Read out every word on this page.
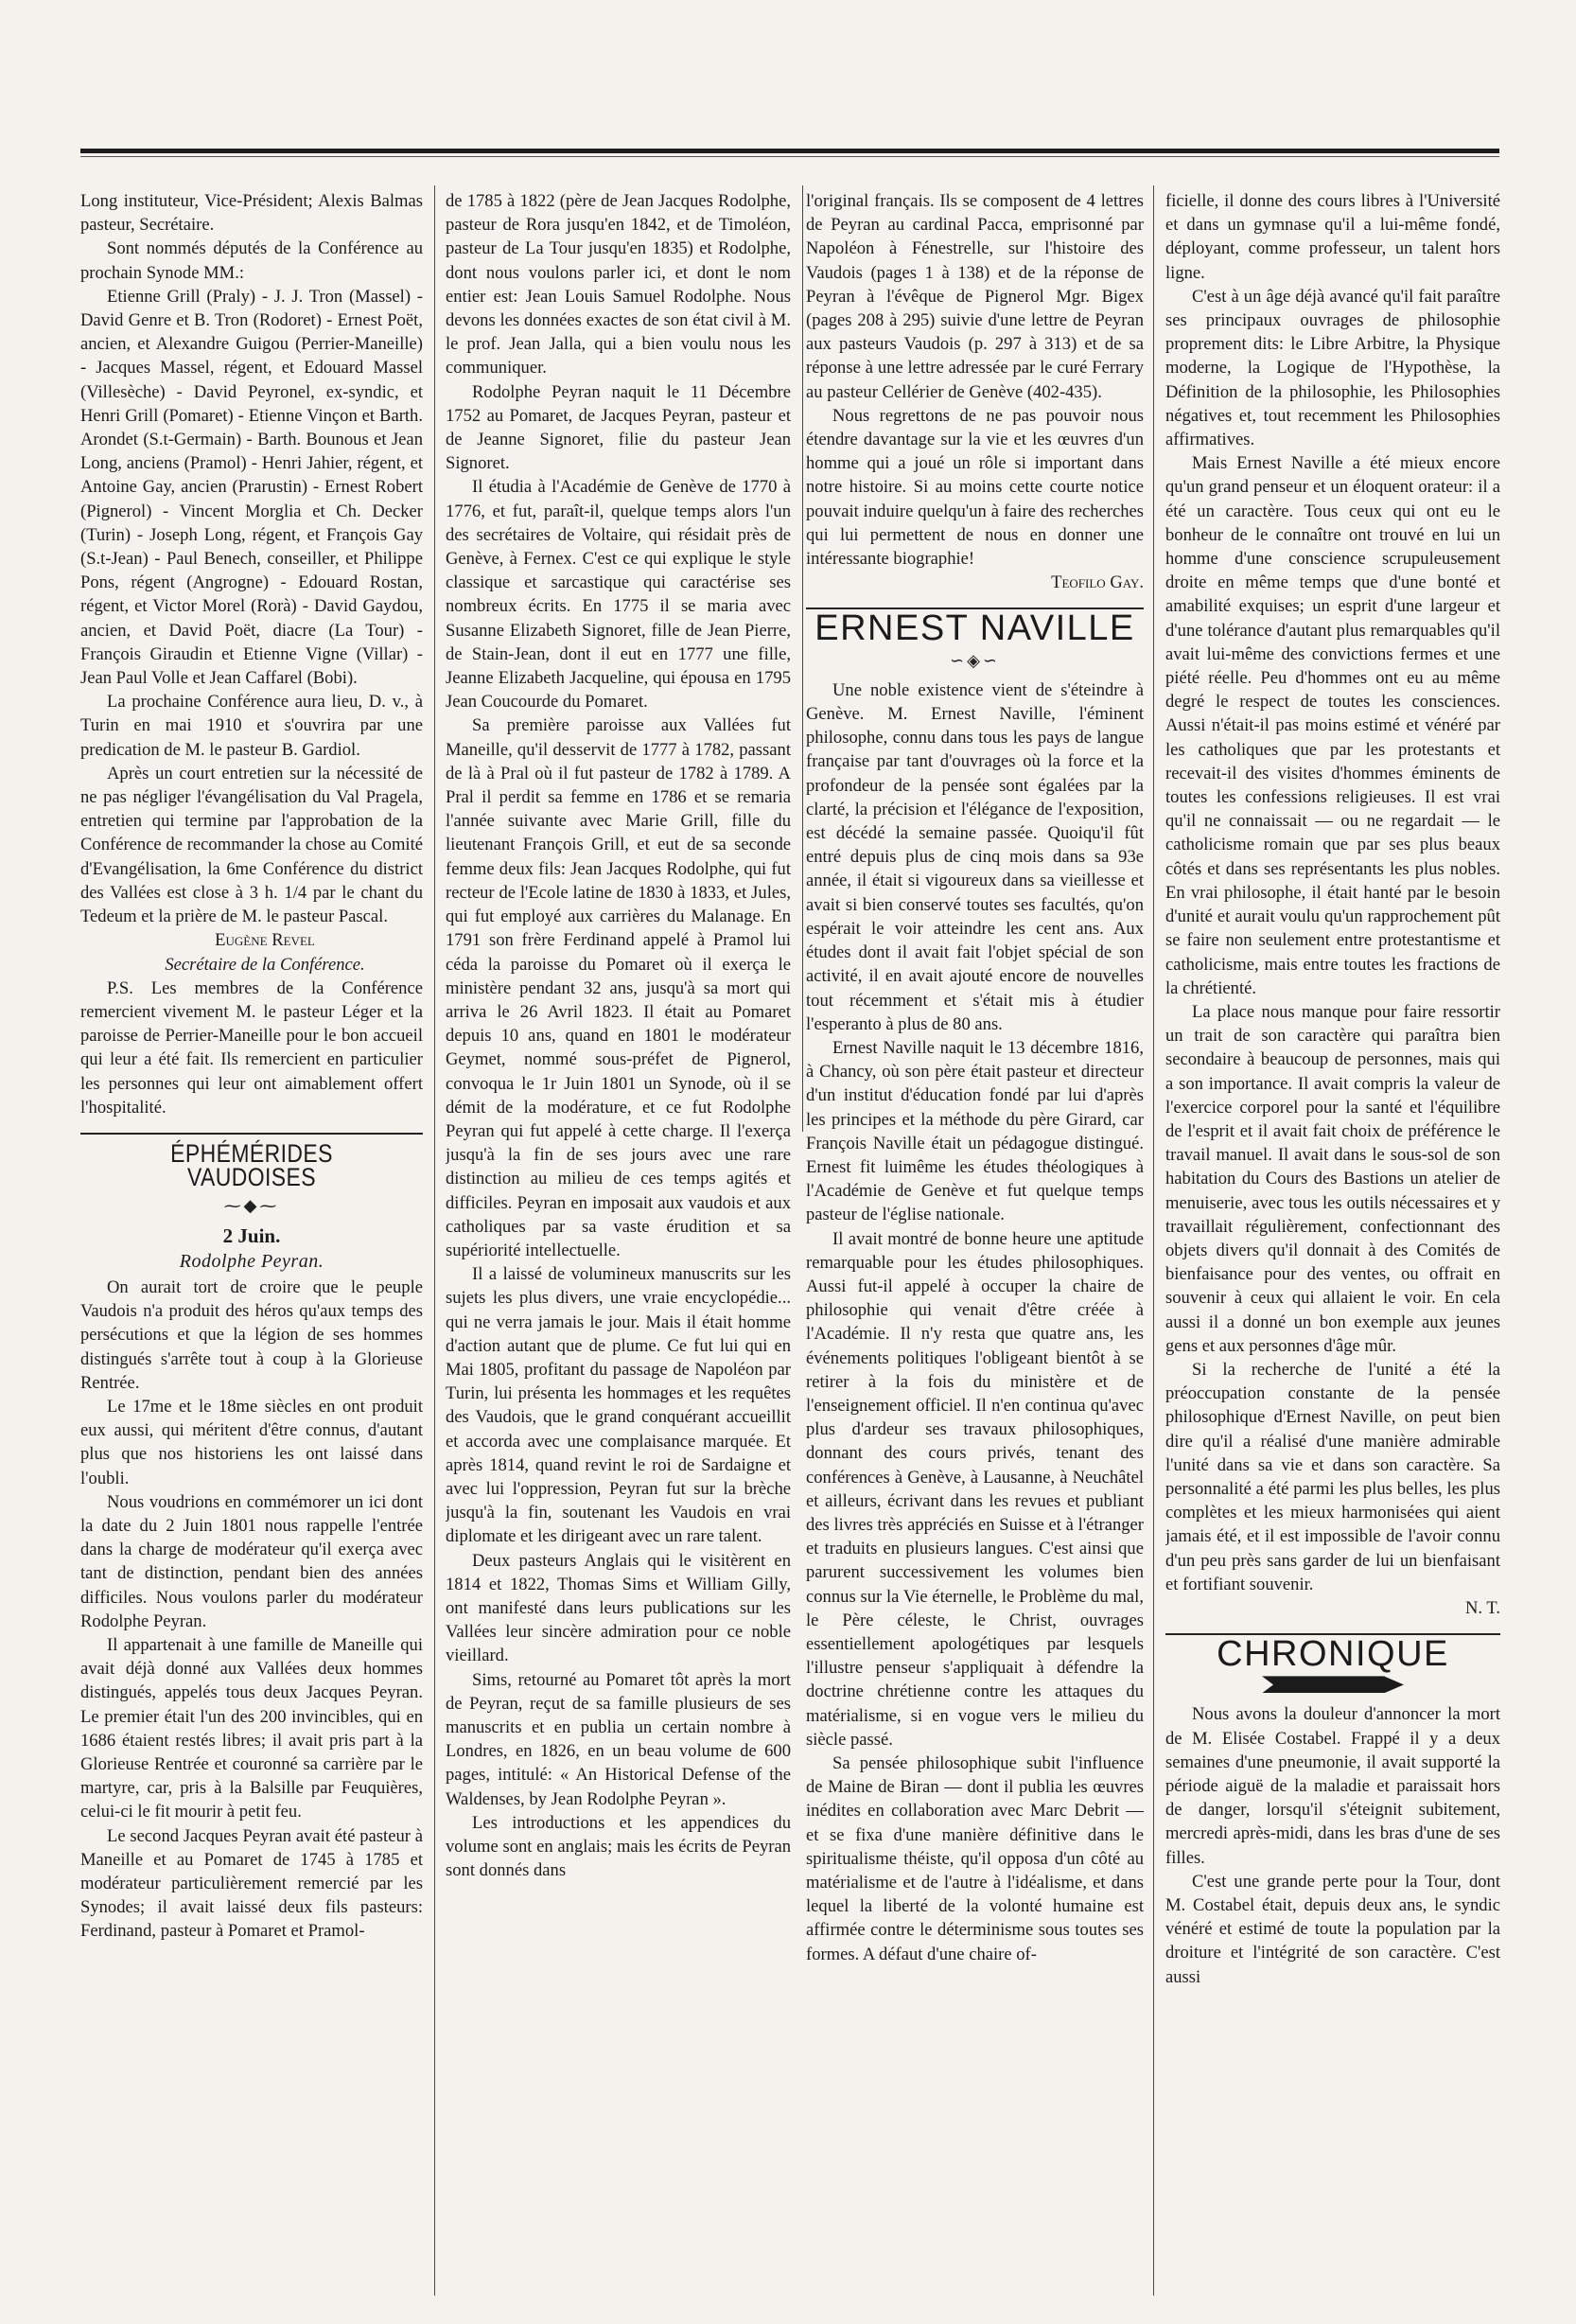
Long instituteur, Vice-Président; Alexis Balmas pasteur, Secrétaire.

Sont nommés députés de la Conférence au prochain Synode MM.:

Etienne Grill (Praly) - J. J. Tron (Massel) - David Genre et B. Tron (Rodoret) - Ernest Poët, ancien, et Alexandre Guigou (Perrier-Maneille) - Jacques Massel, régent, et Edouard Massel (Villesèche) - David Peyronel, ex-syndic, et Henri Grill (Pomaret) - Etienne Vinçon et Barth. Arondet (S.t-Germain) - Barth. Bounous et Jean Long, anciens (Pramol) - Henri Jahier, régent, et Antoine Gay, ancien (Prarustin) - Ernest Robert (Pignerol) - Vincent Morglia et Ch. Decker (Turin) - Joseph Long, régent, et François Gay (S.t-Jean) - Paul Benech, conseiller, et Philippe Pons, régent (Angrogne) - Edouard Rostan, régent, et Victor Morel (Rorà) - David Gaydou, ancien, et David Poët, diacre (La Tour) - François Giraudin et Etienne Vigne (Villar) - Jean Paul Volle et Jean Caffarel (Bobi).

La prochaine Conférence aura lieu, D. v., à Turin en mai 1910 et s'ouvrira par une predication de M. le pasteur B. Gardiol.

Après un court entretien sur la nécessité de ne pas négliger l'évangélisation du Val Pragela, entretien qui termine par l'approbation de la Conférence de recommander la chose au Comité d'Evangélisation, la 6me Conférence du district des Vallées est close à 3 h. 1/4 par le chant du Tedeum et la prière de M. le pasteur Pascal.

Eugène Revel

Secrétaire de la Conférence.

P.S. Les membres de la Conférence remercient vivement M. le pasteur Léger et la paroisse de Perrier-Maneille pour le bon accueil qui leur a été fait. Ils remercient en particulier les personnes qui leur ont aimablement offert l'hospitalité.

ÉPHÉMÉRIDES VAUDOISES
⁓◆⁓
2 Juin.
Rodolphe Peyran.

On aurait tort de croire que le peuple Vaudois n'a produit des héros qu'aux temps des persécutions et que la légion de ses hommes distingués s'arrête tout à coup à la Glorieuse Rentrée.

Le 17me et le 18me siècles en ont produit eux aussi, qui méritent d'être connus, d'autant plus que nos historiens les ont laissé dans l'oubli.

Nous voudrions en commémorer un ici dont la date du 2 Juin 1801 nous rappelle l'entrée dans la charge de modérateur qu'il exerça avec tant de distinction, pendant bien des années difficiles. Nous voulons parler du modérateur Rodolphe Peyran.

Il appartenait à une famille de Maneille qui avait déjà donné aux Vallées deux hommes distingués, appelés tous deux Jacques Peyran. Le premier était l'un des 200 invincibles, qui en 1686 étaient restés libres; il avait pris part à la Glorieuse Rentrée et couronné sa carrière par le martyre, car, pris à la Balsille par Feuquières, celui-ci le fit mourir à petit feu.

Le second Jacques Peyran avait été pasteur à Maneille et au Pomaret de 1745 à 1785 et modérateur particulièrement remercié par les Synodes; il avait laissé deux fils pasteurs: Ferdinand, pasteur à Pomaret et Pramol-

de 1785 à 1822 (père de Jean Jacques Rodolphe, pasteur de Rora jusqu'en 1842, et de Timoléon, pasteur de La Tour jusqu'en 1835) et Rodolphe, dont nous voulons parler ici, et dont le nom entier est: Jean Louis Samuel Rodolphe. Nous devons les données exactes de son état civil à M. le prof. Jean Jalla, qui a bien voulu nous les communiquer.

Rodolphe Peyran naquit le 11 Décembre 1752 au Pomaret, de Jacques Peyran, pasteur et de Jeanne Signoret, filie du pasteur Jean Signoret.

Il étudia à l'Académie de Genève de 1770 à 1776, et fut, paraît-il, quelque temps alors l'un des secrétaires de Voltaire, qui résidait près de Genève, à Fernex. C'est ce qui explique le style classique et sarcastique qui caractérise ses nombreux écrits. En 1775 il se maria avec Susanne Elizabeth Signoret, fille de Jean Pierre, de Stain-Jean, dont il eut en 1777 une fille, Jeanne Elizabeth Jacqueline, qui épousa en 1795 Jean Coucourde du Pomaret.

Sa première paroisse aux Vallées fut Maneille, qu'il desservit de 1777 à 1782, passant de là à Pral où il fut pasteur de 1782 à 1789. A Pral il perdit sa femme en 1786 et se remaria l'année suivante avec Marie Grill, fille du lieutenant François Grill, et eut de sa seconde femme deux fils: Jean Jacques Rodolphe, qui fut recteur de l'Ecole latine de 1830 à 1833, et Jules, qui fut employé aux carrières du Malanage. En 1791 son frère Ferdinand appelé à Pramol lui céda la paroisse du Pomaret où il exerça le ministère pendant 32 ans, jusqu'à sa mort qui arriva le 26 Avril 1823. Il était au Pomaret depuis 10 ans, quand en 1801 le modérateur Geymet, nommé sous-préfet de Pignerol, convoqua le 1r Juin 1801 un Synode, où il se démit de la modérature, et ce fut Rodolphe Peyran qui fut appelé à cette charge. Il l'exerça jusqu'à la fin de ses jours avec une rare distinction au milieu de ces temps agités et difficiles. Peyran en imposait aux vaudois et aux catholiques par sa vaste érudition et sa supériorité intellectuelle.

Il a laissé de volumineux manuscrits sur les sujets les plus divers, une vraie encyclopédie... qui ne verra jamais le jour. Mais il était homme d'action autant que de plume. Ce fut lui qui en Mai 1805, profitant du passage de Napoléon par Turin, lui présenta les hommages et les requêtes des Vaudois, que le grand conquérant accueillit et accorda avec une complaisance marquée. Et après 1814, quand revint le roi de Sardaigne et avec lui l'oppression, Peyran fut sur la brèche jusqu'à la fin, soutenant les Vaudois en vrai diplomate et les dirigeant avec un rare talent.

Deux pasteurs Anglais qui le visitèrent en 1814 et 1822, Thomas Sims et William Gilly, ont manifesté dans leurs publications sur les Vallées leur sincère admiration pour ce noble vieillard.

Sims, retourné au Pomaret tôt après la mort de Peyran, reçut de sa famille plusieurs de ses manuscrits et en publia un certain nombre à Londres, en 1826, en un beau volume de 600 pages, intitulé: « An Historical Defense of the Waldenses, by Jean Rodolphe Peyran ».

Les introductions et les appendices du volume sont en anglais; mais les écrits de Peyran sont donnés dans

l'original français. Ils se composent de 4 lettres de Peyran au cardinal Pacca, emprisonné par Napoléon à Fénestrelle, sur l'histoire des Vaudois (pages 1 à 138) et de la réponse de Peyran à l'évêque de Pignerol Mgr. Bigex (pages 208 à 295) suivie d'une lettre de Peyran aux pasteurs Vaudois (p. 297 à 313) et de sa réponse à une lettre adressée par le curé Ferrary au pasteur Cellérier de Genève (402-435).

Nous regrettons de ne pas pouvoir nous étendre davantage sur la vie et les œuvres d'un homme qui a joué un rôle si important dans notre histoire. Si au moins cette courte notice pouvait induire quelqu'un à faire des recherches qui lui permettent de nous en donner une intéressante biographie!

Teofilo Gay.

ERNEST NAVILLE
∽◈∽

Une noble existence vient de s'éteindre à Genève. M. Ernest Naville, l'éminent philosophe, connu dans tous les pays de langue française par tant d'ouvrages où la force et la profondeur de la pensée sont égalées par la clarté, la précision et l'élégance de l'exposition, est décédé la semaine passée. Quoiqu'il fût entré depuis plus de cinq mois dans sa 93e année, il était si vigoureux dans sa vieillesse et avait si bien conservé toutes ses facultés, qu'on espérait le voir atteindre les cent ans. Aux études dont il avait fait l'objet spécial de son activité, il en avait ajouté encore de nouvelles tout récemment et s'était mis à étudier l'esperanto à plus de 80 ans.

Ernest Naville naquit le 13 décembre 1816, à Chancy, où son père était pasteur et directeur d'un institut d'éducation fondé par lui d'après les principes et la méthode du père Girard, car François Naville était un pédagogue distingué. Ernest fit luimême les études théologiques à l'Académie de Genève et fut quelque temps pasteur de l'église nationale.

Il avait montré de bonne heure une aptitude remarquable pour les études philosophiques. Aussi fut-il appelé à occuper la chaire de philosophie qui venait d'être créée à l'Académie. Il n'y resta que quatre ans, les événements politiques l'obligeant bientôt à se retirer à la fois du ministère et de l'enseignement officiel. Il n'en continua qu'avec plus d'ardeur ses travaux philosophiques, donnant des cours privés, tenant des conférences à Genève, à Lausanne, à Neuchâtel et ailleurs, écrivant dans les revues et publiant des livres très appréciés en Suisse et à l'étranger et traduits en plusieurs langues. C'est ainsi que parurent successivement les volumes bien connus sur la Vie éternelle, le Problème du mal, le Père céleste, le Christ, ouvrages essentiellement apologétiques par lesquels l'illustre penseur s'appliquait à défendre la doctrine chrétienne contre les attaques du matérialisme, si en vogue vers le milieu du siècle passé.

Sa pensée philosophique subit l'influence de Maine de Biran — dont il publia les œuvres inédites en collaboration avec Marc Debrit — et se fixa d'une manière définitive dans le spiritualisme théiste, qu'il opposa d'un côté au matérialisme et de l'autre à l'idéalisme, et dans lequel la liberté de la volonté humaine est affirmée contre le déterminisme sous toutes ses formes. A défaut d'une chaire of-

ficielle, il donne des cours libres à l'Université et dans un gymnase qu'il a lui-même fondé, déployant, comme professeur, un talent hors ligne.

C'est à un âge déjà avancé qu'il fait paraître ses principaux ouvrages de philosophie proprement dits: le Libre Arbitre, la Physique moderne, la Logique de l'Hypothèse, la Définition de la philosophie, les Philosophies négatives et, tout recemment les Philosophies affirmatives.

Mais Ernest Naville a été mieux encore qu'un grand penseur et un éloquent orateur: il a été un caractère. Tous ceux qui ont eu le bonheur de le connaître ont trouvé en lui un homme d'une conscience scrupuleusement droite en même temps que d'une bonté et amabilité exquises; un esprit d'une largeur et d'une tolérance d'autant plus remarquables qu'il avait lui-même des convictions fermes et une piété réelle. Peu d'hommes ont eu au même degré le respect de toutes les consciences. Aussi n'était-il pas moins estimé et vénéré par les catholiques que par les protestants et recevait-il des visites d'hommes éminents de toutes les confessions religieuses. Il est vrai qu'il ne connaissait — ou ne regardait — le catholicisme romain que par ses plus beaux côtés et dans ses représentants les plus nobles. En vrai philosophe, il était hanté par le besoin d'unité et aurait voulu qu'un rapprochement pût se faire non seulement entre protestantisme et catholicisme, mais entre toutes les fractions de la chrétienté.

La place nous manque pour faire ressortir un trait de son caractère qui paraîtra bien secondaire à beaucoup de personnes, mais qui a son importance. Il avait compris la valeur de l'exercice corporel pour la santé et l'équilibre de l'esprit et il avait fait choix de préférence le travail manuel. Il avait dans le sous-sol de son habitation du Cours des Bastions un atelier de menuiserie, avec tous les outils nécessaires et y travaillait régulièrement, confectionnant des objets divers qu'il donnait à des Comités de bienfaisance pour des ventes, ou offrait en souvenir à ceux qui allaient le voir. En cela aussi il a donné un bon exemple aux jeunes gens et aux personnes d'âge mûr.

Si la recherche de l'unité a été la préoccupation constante de la pensée philosophique d'Ernest Naville, on peut bien dire qu'il a réalisé d'une manière admirable l'unité dans sa vie et dans son caractère. Sa personnalité a été parmi les plus belles, les plus complètes et les mieux harmonisées qui aient jamais été, et il est impossible de l'avoir connu d'un peu près sans garder de lui un bienfaisant et fortifiant souvenir.

N. T.

CHRONIQUE

Nous avons la douleur d'annoncer la mort de M. Elisée Costabel. Frappé il y a deux semaines d'une pneumonie, il avait supporté la période aiguë de la maladie et paraissait hors de danger, lorsqu'il s'éteignit subitement, mercredi après-midi, dans les bras d'une de ses filles.

C'est une grande perte pour la Tour, dont M. Costabel était, depuis deux ans, le syndic vénéré et estimé de toute la population par la droiture et l'intégrité de son caractère. C'est aussi
